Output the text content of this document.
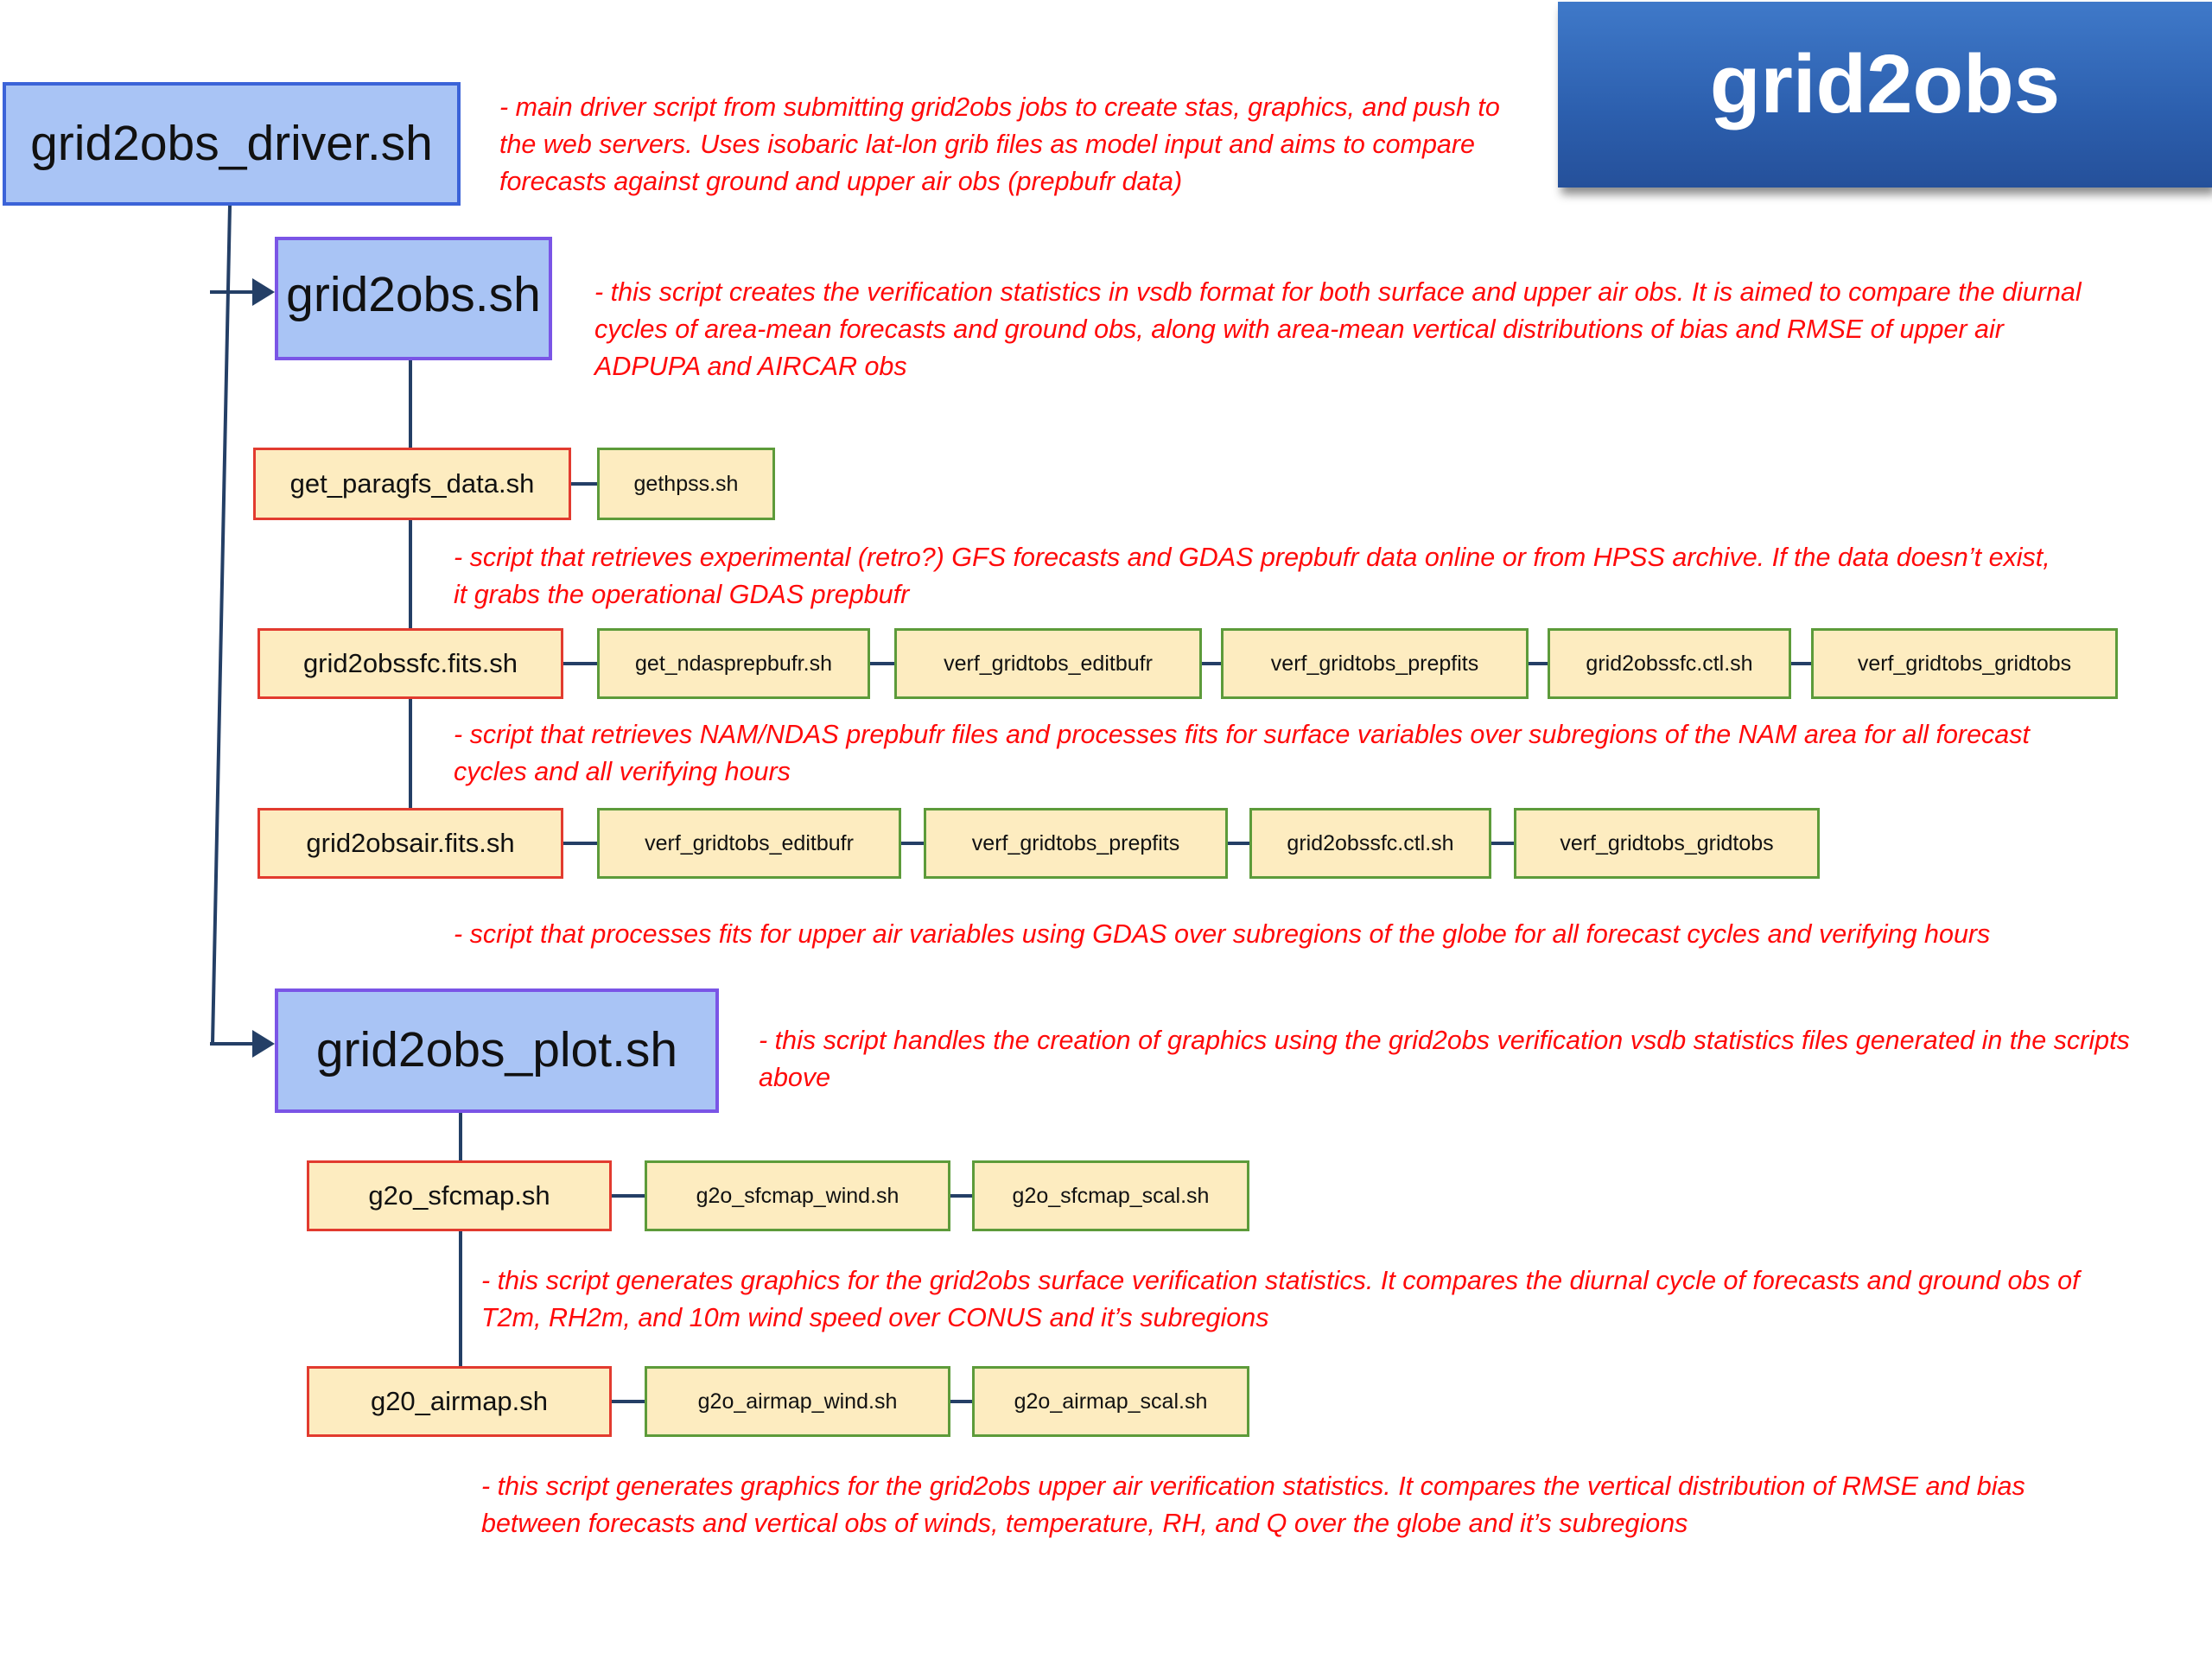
grid2obs
grid2obs_driver.sh
grid2obs.sh
grid2obs_plot.sh
get_paragfs_data.sh	gethpss.sh
grid2obssfc.fits.sh	get_ndasprepbufr.sh	verf_gridtobs_editbufr	verf_gridtobs_prepfits	grid2obssfc.ctl.sh	verf_gridtobs_gridtobs
grid2obsair.fits.sh	verf_gridtobs_editbufr	verf_gridtobs_prepfits	grid2obssfc.ctl.sh	verf_gridtobs_gridtobs
g2o_sfcmap.sh	g2o_sfcmap_wind.sh	g2o_sfcmap_scal.sh
g20_airmap.sh	g2o_airmap_wind.sh	g2o_airmap_scal.sh

- main driver script from submitting grid2obs jobs to create stas, graphics, and push to the web servers. Uses isobaric lat-lon grib files as model input and aims to compare forecasts against ground and upper air obs (prepbufr data)

- this script creates the verification statistics in vsdb format for both surface and upper air obs. It is aimed to compare the diurnal cycles of area-mean forecasts and ground obs, along with area-mean vertical distributions of bias and RMSE of upper air ADPUPA and AIRCAR obs

- script that retrieves experimental (retro?) GFS forecasts and GDAS prepbufr data online or from HPSS archive. If the data doesn’t exist, it grabs the operational GDAS prepbufr

- script that retrieves NAM/NDAS prepbufr files and processes fits for surface variables over subregions of the NAM area for all forecast cycles and all verifying hours

- script that processes fits for upper air variables using GDAS over subregions of the globe for all forecast cycles and verifying hours

- this script handles the creation of graphics using the grid2obs verification vsdb statistics files generated in the scripts above

- this script generates graphics for the grid2obs surface verification statistics. It compares the diurnal cycle of forecasts and ground obs of T2m, RH2m, and 10m wind speed over CONUS and it’s subregions

- this script generates graphics for the grid2obs upper air verification statistics. It compares the vertical distribution of RMSE and bias between forecasts and vertical obs of winds, temperature, RH, and Q over the globe and it’s subregions
